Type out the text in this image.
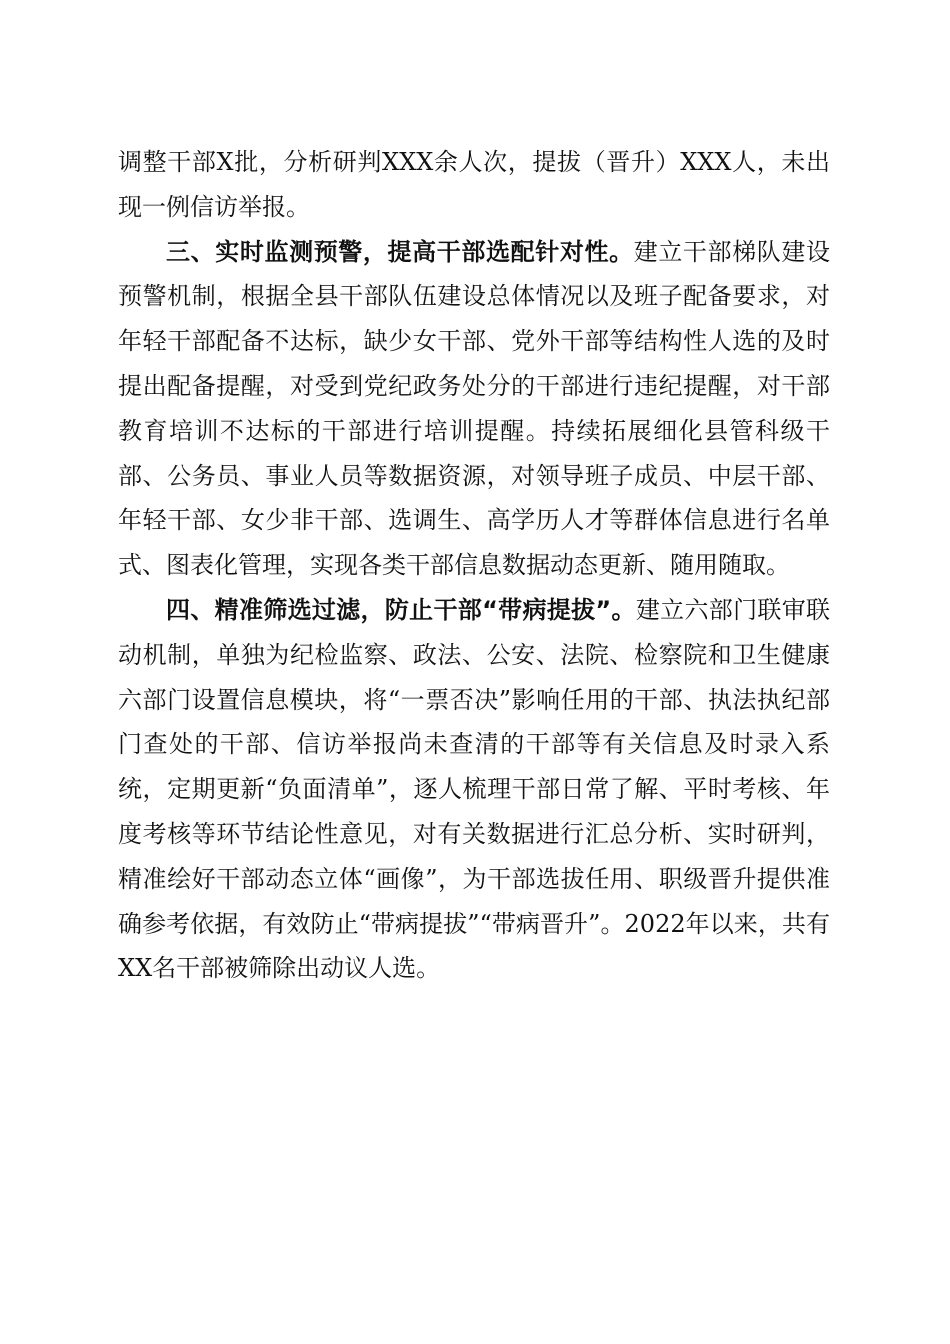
调整干部X批，分析研判XXX余人次，提拔（晋升）XXX人，未出现一例信访举报。

三、实时监测预警，提高干部选配针对性。建立干部梯队建设预警机制，根据全县干部队伍建设总体情况以及班子配备要求，对年轻干部配备不达标，缺少女干部、党外干部等结构性人选的及时提出配备提醒，对受到党纪政务处分的干部进行违纪提醒，对干部教育培训不达标的干部进行培训提醒。持续拓展细化县管科级干部、公务员、事业人员等数据资源，对领导班子成员、中层干部、年轻干部、女少非干部、选调生、高学历人才等群体信息进行名单式、图表化管理，实现各类干部信息数据动态更新、随用随取。

四、精准筛选过滤，防止干部“带病提拔”。建立六部门联审联动机制，单独为纪检监察、政法、公安、法院、检察院和卫生健康六部门设置信息模块，将“一票否决”影响任用的干部、执法执纪部门查处的干部、信访举报尚未查清的干部等有关信息及时录入系统，定期更新“负面清单”，逐人梳理干部日常了解、平时考核、年度考核等环节结论性意见，对有关数据进行汇总分析、实时研判，精准绘好干部动态立体“画像”，为干部选拔任用、职级晋升提供准确参考依据，有效防止“带病提拔”“带病晋升”。2022年以来，共有XX名干部被筛除出动议人选。
